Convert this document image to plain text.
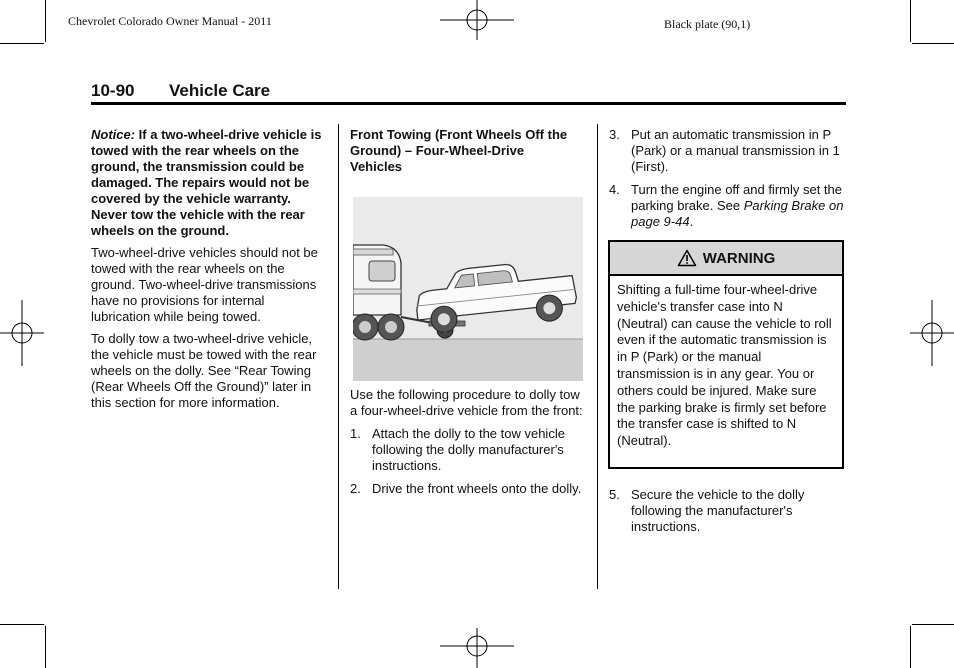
Chevrolet Colorado Owner Manual - 2011	Black plate (90,1)
10-90 Vehicle Care

Notice: If a two-wheel-drive vehicle is towed with the rear wheels on the ground, the transmission could be damaged. The repairs would not be covered by the vehicle warranty. Never tow the vehicle with the rear wheels on the ground.

Two-wheel-drive vehicles should not be towed with the rear wheels on the ground. Two-wheel-drive transmissions have no provisions for internal lubrication while being towed.

To dolly tow a two-wheel-drive vehicle, the vehicle must be towed with the rear wheels on the dolly. See “Rear Towing (Rear Wheels Off the Ground)” later in this section for more information.

Front Towing (Front Wheels Off the Ground) – Four-Wheel-Drive Vehicles

Use the following procedure to dolly tow a four-wheel-drive vehicle from the front:

1. Attach the dolly to the tow vehicle following the dolly manufacturer's instructions.
2. Drive the front wheels onto the dolly.
3. Put an automatic transmission in P (Park) or a manual transmission in 1 (First).
4. Turn the engine off and firmly set the parking brake. See Parking Brake on page 9-44.
WARNING
Shifting a full-time four-wheel-drive vehicle's transfer case into N (Neutral) can cause the vehicle to roll even if the automatic transmission is in P (Park) or the manual transmission is in any gear. You or others could be injured. Make sure the parking brake is firmly set before the transfer case is shifted to N (Neutral).
5. Secure the vehicle to the dolly following the manufacturer's instructions.
